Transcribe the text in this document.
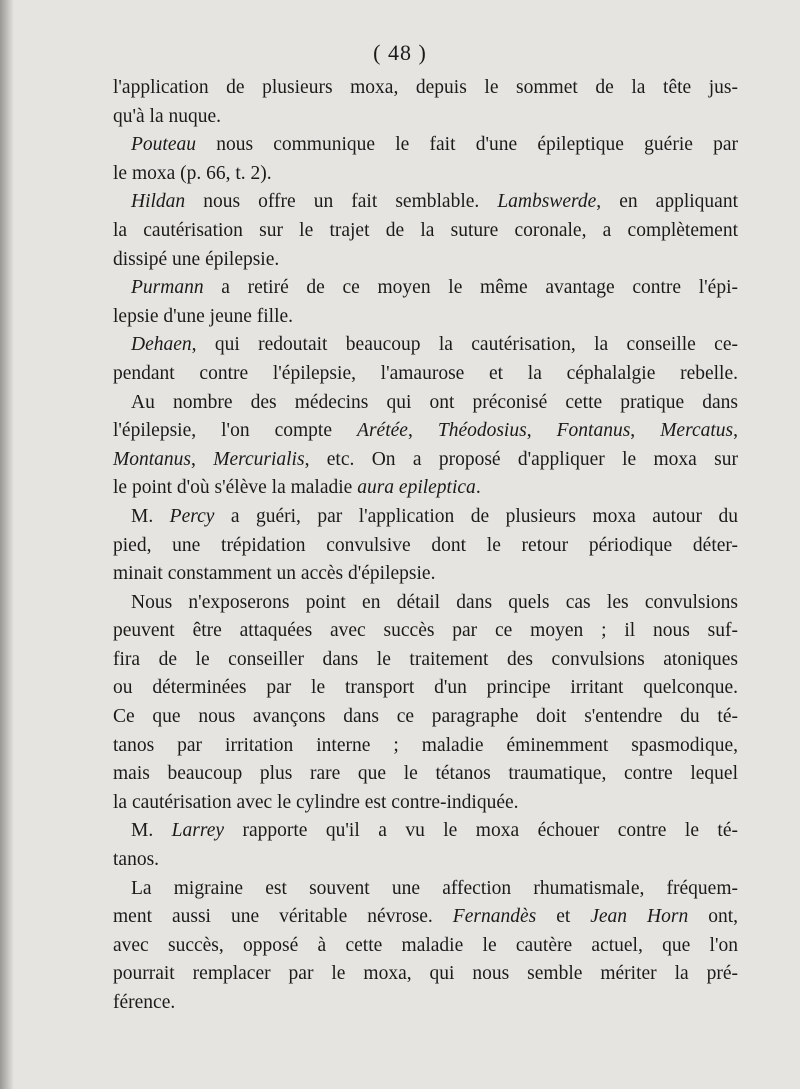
( 48 )
l'application de plusieurs moxa, depuis le sommet de la tête jus-
qu'à la nuque.
Pouteau nous communique le fait d'une épileptique guérie par
le moxa (p. 66, t. 2).
Hildan nous offre un fait semblable. Lambswerde, en appliquant
la cautérisation sur le trajet de la suture coronale, a complètement
dissipé une épilepsie.
Purmann a retiré de ce moyen le même avantage contre l'épi-
lepsie d'une jeune fille.
Dehaen, qui redoutait beaucoup la cautérisation, la conseille ce-
pendant contre l'épilepsie, l'amaurose et la céphalalgie rebelle.
Au nombre des médecins qui ont préconisé cette pratique dans
l'épilepsie, l'on compte Arétée, Théodosius, Fontanus, Mercatus,
Montanus, Mercurialis, etc. On a proposé d'appliquer le moxa sur
le point d'où s'élève la maladie aura epileptica.
M. Percy a guéri, par l'application de plusieurs moxa autour du
pied, une trépidation convulsive dont le retour périodique déter-
minait constamment un accès d'épilepsie.
Nous n'exposerons point en détail dans quels cas les convulsions
peuvent être attaquées avec succès par ce moyen ; il nous suf-
fira de le conseiller dans le traitement des convulsions atoniques
ou déterminées par le transport d'un principe irritant quelconque.
Ce que nous avançons dans ce paragraphe doit s'entendre du té-
tanos par irritation interne ; maladie éminemment spasmodique,
mais beaucoup plus rare que le tétanos traumatique, contre lequel
la cautérisation avec le cylindre est contre-indiquée.
M. Larrey rapporte qu'il a vu le moxa échouer contre le té-
tanos.
La migraine est souvent une affection rhumatismale, fréquem-
ment aussi une véritable névrose. Fernandès et Jean Horn ont,
avec succès, opposé à cette maladie le cautère actuel, que l'on
pourrait remplacer par le moxa, qui nous semble mériter la pré-
férence.
